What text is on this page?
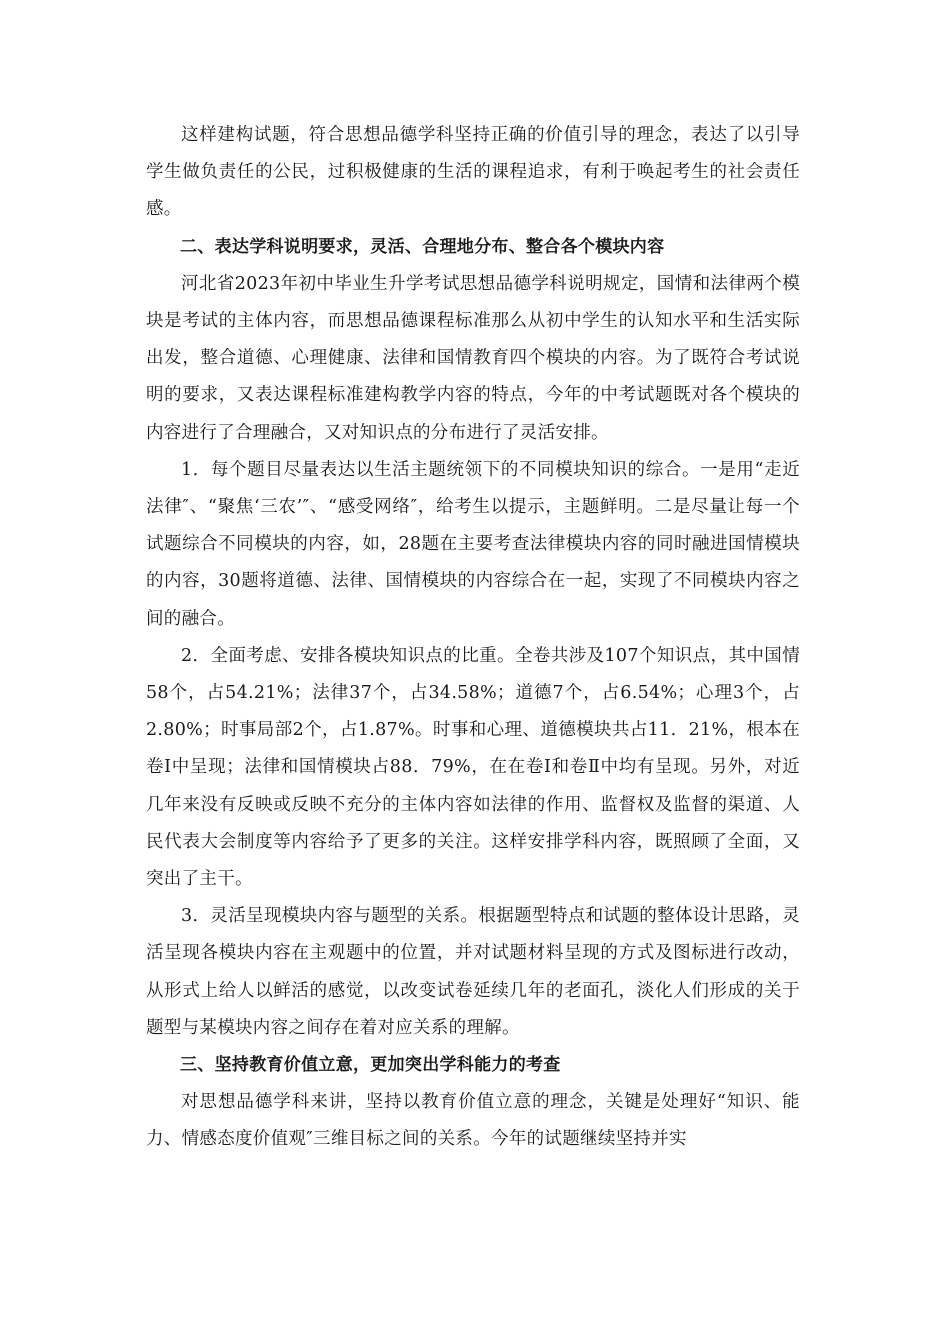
这样建构试题，符合思想品德学科坚持正确的价值引导的理念，表达了以引导学生做负责任的公民，过积极健康的生活的课程追求，有利于唤起考生的社会责任感。

二、表达学科说明要求，灵活、合理地分布、整合各个模块内容

河北省2023年初中毕业生升学考试思想品德学科说明规定，国情和法律两个模块是考试的主体内容，而思想品德课程标准那么从初中学生的认知水平和生活实际出发，整合道德、心理健康、法律和国情教育四个模块的内容。为了既符合考试说明的要求，又表达课程标准建构教学内容的特点，今年的中考试题既对各个模块的内容进行了合理融合，又对知识点的分布进行了灵活安排。

1．每个题目尽量表达以生活主题统领下的不同模块知识的综合。一是用“走近法律″、“聚焦‘三农’″、“感受网络″，给考生以提示，主题鲜明。二是尽量让每一个试题综合不同模块的内容，如，28题在主要考查法律模块内容的同时融进国情模块的内容，30题将道德、法律、国情模块的内容综合在一起，实现了不同模块内容之间的融合。

2．全面考虑、安排各模块知识点的比重。全卷共涉及107个知识点，其中国情58个，占54.21%；法律37个，占34.58%；道德7个，占6.54%；心理3个，占2.80%；时事局部2个，占1.87%。时事和心理、道德模块共占11．21%，根本在卷Ⅰ中呈现；法律和国情模块占88．79%，在在卷Ⅰ和卷Ⅱ中均有呈现。另外，对近几年来没有反映或反映不充分的主体内容如法律的作用、监督权及监督的渠道、人民代表大会制度等内容给予了更多的关注。这样安排学科内容，既照顾了全面，又突出了主干。

3．灵活呈现模块内容与题型的关系。根据题型特点和试题的整体设计思路，灵活呈现各模块内容在主观题中的位置，并对试题材料呈现的方式及图标进行改动，从形式上给人以鲜活的感觉，以改变试卷延续几年的老面孔，淡化人们形成的关于题型与某模块内容之间存在着对应关系的理解。

三、坚持教育价值立意，更加突出学科能力的考查

对思想品德学科来讲，坚持以教育价值立意的理念，关键是处理好“知识、能力、情感态度价值观″三维目标之间的关系。今年的试题继续坚持并实
